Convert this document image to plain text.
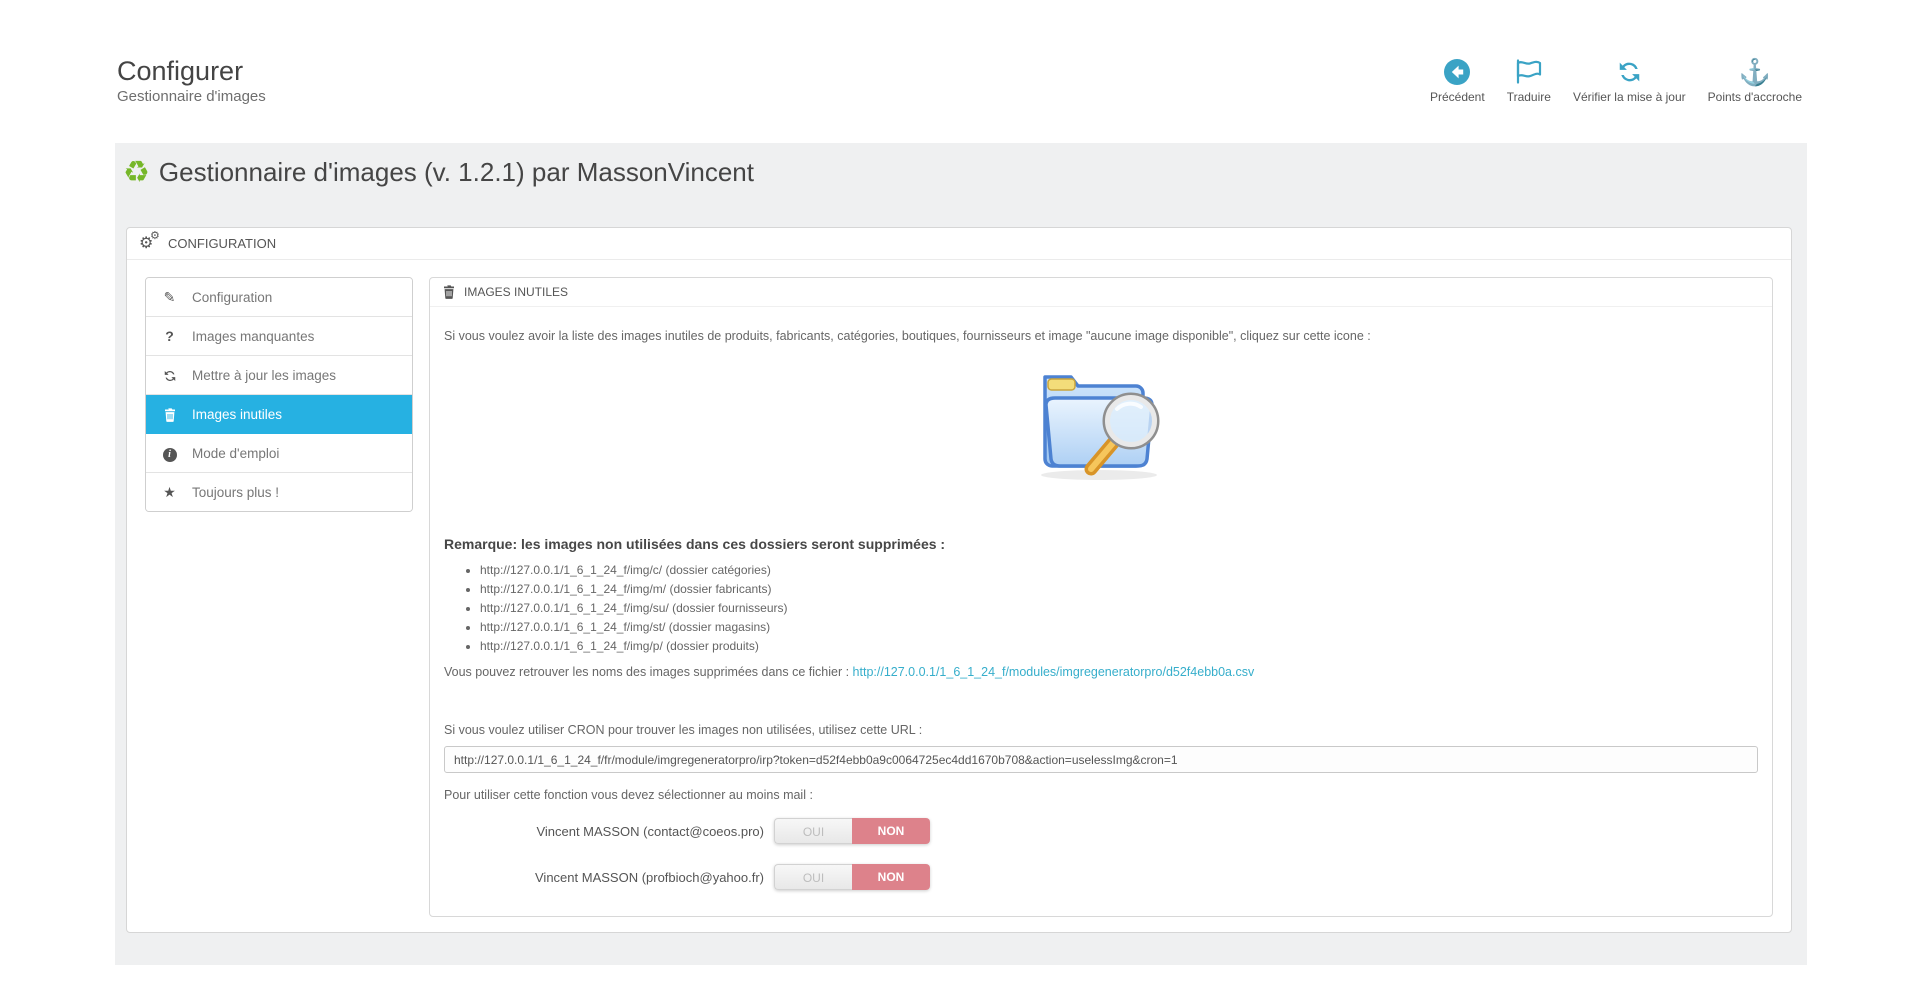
Configurer
Gestionnaire d'images	Précédent Traduire Vérifier la mise à jour
⚓
Points d'accroche
♻ Gestionnaire d'images (v. 1.2.1) par MassonVincent
⚙
⚙
CONFIGURATION
✎ Configuration
?	Images manquantes
Mettre à jour les images
Images inutiles
i	Mode d'emploi
★ Toujours plus !
IMAGES INUTILES

Si vous voulez avoir la liste des images inutiles de produits, fabricants, catégories, boutiques, fournisseurs et image "aucune image disponible", cliquez sur cette icone :

Remarque: les images non utilisées dans ces dossiers seront supprimées :

• http://127.0.0.1/1_6_1_24_f/img/c/ (dossier catégories)
• http://127.0.0.1/1_6_1_24_f/img/m/ (dossier fabricants)
• http://127.0.0.1/1_6_1_24_f/img/su/ (dossier fournisseurs)
• http://127.0.0.1/1_6_1_24_f/img/st/ (dossier magasins)
• http://127.0.0.1/1_6_1_24_f/img/p/ (dossier produits)

Vous pouvez retrouver les noms des images supprimées dans ce fichier : http://127.0.0.1/1_6_1_24_f/modules/imgregeneratorpro/d52f4ebb0a.csv

Si vous voulez utiliser CRON pour trouver les images non utilisées, utilisez cette URL :

http://127.0.0.1/1_6_1_24_f/fr/module/imgregeneratorpro/irp?token=d52f4ebb0a9c0064725ec4dd1670b708&action=uselessImg&cron=1

Pour utiliser cette fonction vous devez sélectionner au moins mail :

Vincent MASSON (contact@coeos.pro)	OUI	NON
Vincent MASSON (profbioch@yahoo.fr)	OUI	NON
